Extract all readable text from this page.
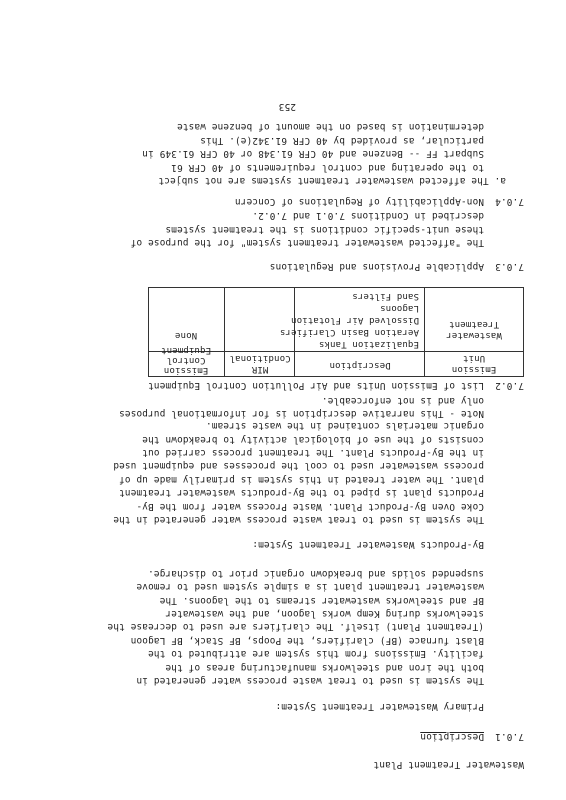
Wastewater Treatment Plant
7.0.1Description
Primary Wastewater Treatment System:
The system is used to treat waste process water generated in
both the iron and steelworks manufacturing areas of the
facility. Emissions from this system are attributed to the
Blast furnace (BF) clarifiers, the Poops, BF Stack, BF Lagoon
(Treatment Plant) itself. The clarifiers are used to decrease the
steelworks during Kemp works lagoon, and the wastewater
BF and steelworks wastewater streams to the lagoons. The
wastewater treatment plant is a simple system used to remove
suspended solids and breakdown organic prior to discharge.
By-Products Wastewater Treatment System:
The system is used to treat waste process water generated in the
Coke Oven By-Product Plant. Waste Process water from the By-
Products plant is piped to the By-products wastewater treatment
plant. The water treated in this system is primarily made up of
process wastewater used to cool the processes and equipment used
in the By-Products Plant. The treatment process carried out
consists of the use of biological activity to breakdown the
organic materials contained in the waste stream.
Note - This narrative description is for informational purposes
only and is not enforceable.
7.0.2List of Emission Units and Air Pollution Control Equipment
Emission
Unit
Description
MIR
Conditional
Emission
Control
Equipment
Wastewater
Treatment
Equalization Tanks
Aeration Basin Clarifiers
Dissolved Air Flotation
Lagoons
Sand Filters
None
7.0.3Applicable Provisions and Regulations
The "affected wastewater treatment system" for the purpose of
these unit-specific conditions is the treatment systems
described in Conditions 7.0.1 and 7.0.2.
7.0.4Non-Applicability of Regulations of Concern
a. The affected wastewater treatment systems are not subject
to the operating and control requirements of 40 CFR 61
Subpart FF -- Benzene and 40 CFR 61.348 or 40 CFR 61.349 in
particular, as provided by 40 CFR 61.342(e). This
determination is based on the amount of benzene waste
253
